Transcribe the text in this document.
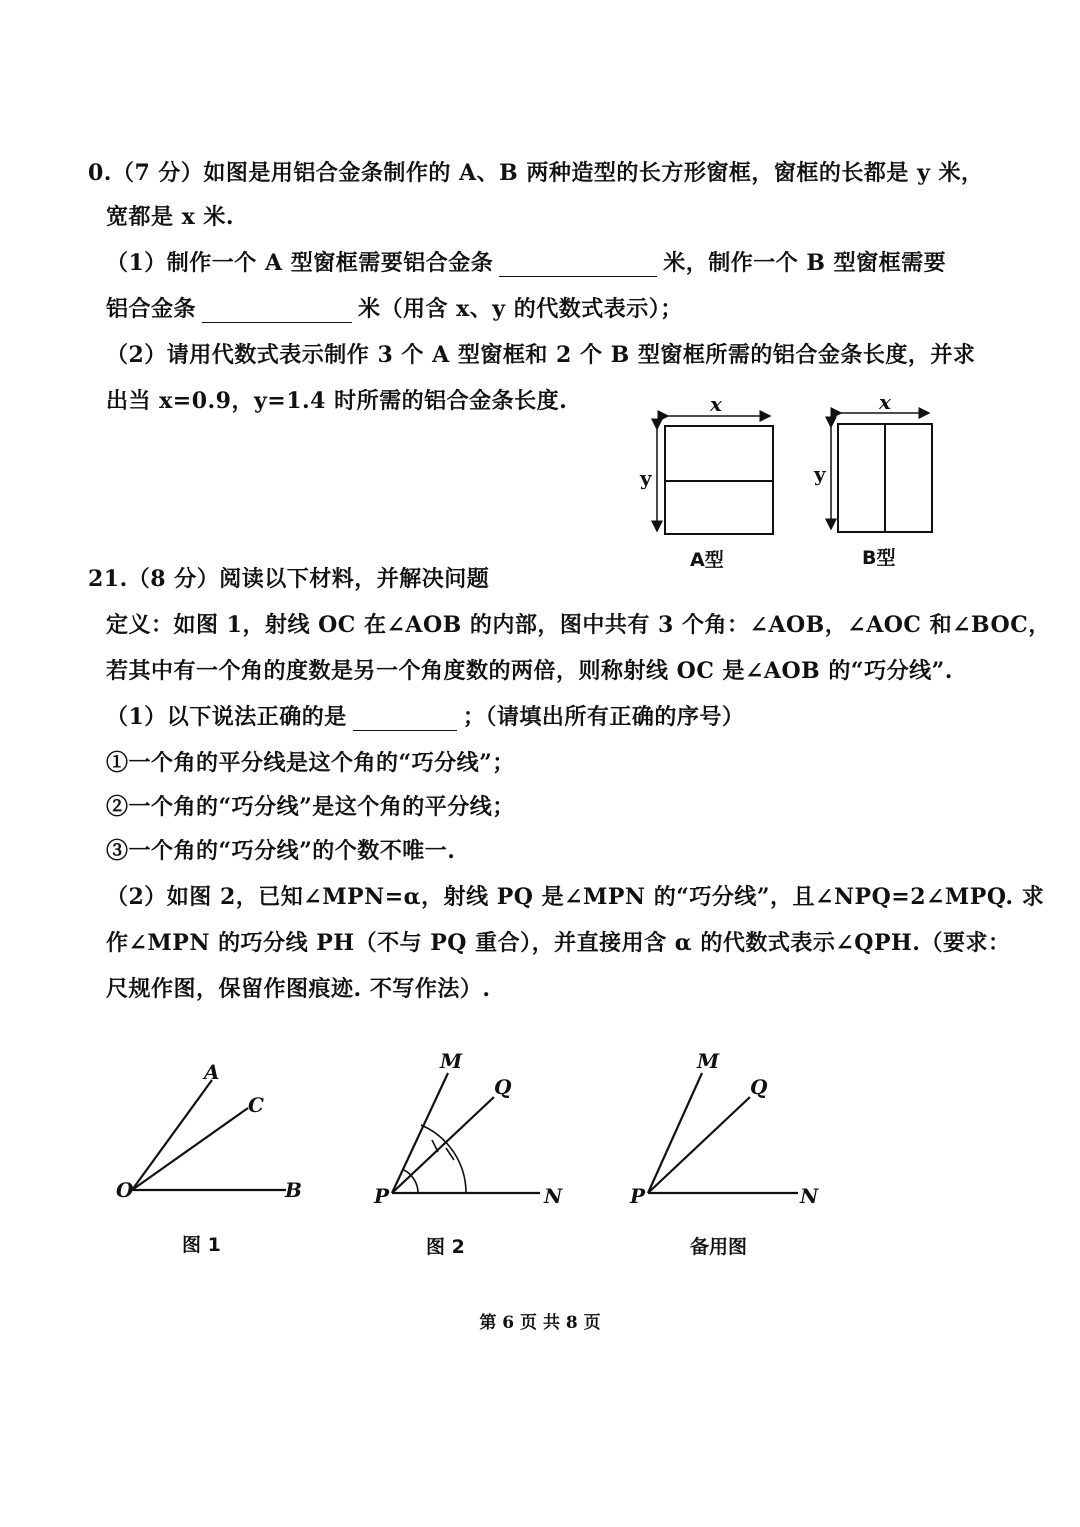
0.（7 分）如图是用铝合金条制作的 A、B 两种造型的长方形窗框，窗框的长都是 y 米，
宽都是 x 米.
（1）制作一个 A 型窗框需要铝合金条	米，制作一个 B 型窗框需要
铝合金条	米（用含 x、y 的代数式表示）；
（2）请用代数式表示制作 3 个 A 型窗框和 2 个 B 型窗框所需的铝合金条长度，并求
出当 x=0.9，y=1.4 时所需的铝合金条长度.	x
y
A型
x
y
B型
21.（8 分）阅读以下材料，并解决问题
定义：如图 1，射线 OC 在∠AOB 的内部，图中共有 3 个角：∠AOB，∠AOC 和∠BOC，
若其中有一个角的度数是另一个角度数的两倍，则称射线 OC 是∠AOB 的“巧分线”.
（1）以下说法正确的是	；（请填出所有正确的序号）
①一个角的平分线是这个角的“巧分线”；
②一个角的“巧分线”是这个角的平分线；
③一个角的“巧分线”的个数不唯一.
（2）如图 2，已知∠MPN=α，射线 PQ 是∠MPN 的“巧分线”，且∠NPQ=2∠MPQ. 求
作∠MPN 的巧分线 PH（不与 PQ 重合），并直接用含 α 的代数式表示∠QPH.（要求：
尺规作图，保留作图痕迹. 不写作法）.
A
C
O	B
图 1
M
Q
P	N
图 2
M
Q
P	N
备用图
第 6 页 共 8 页
